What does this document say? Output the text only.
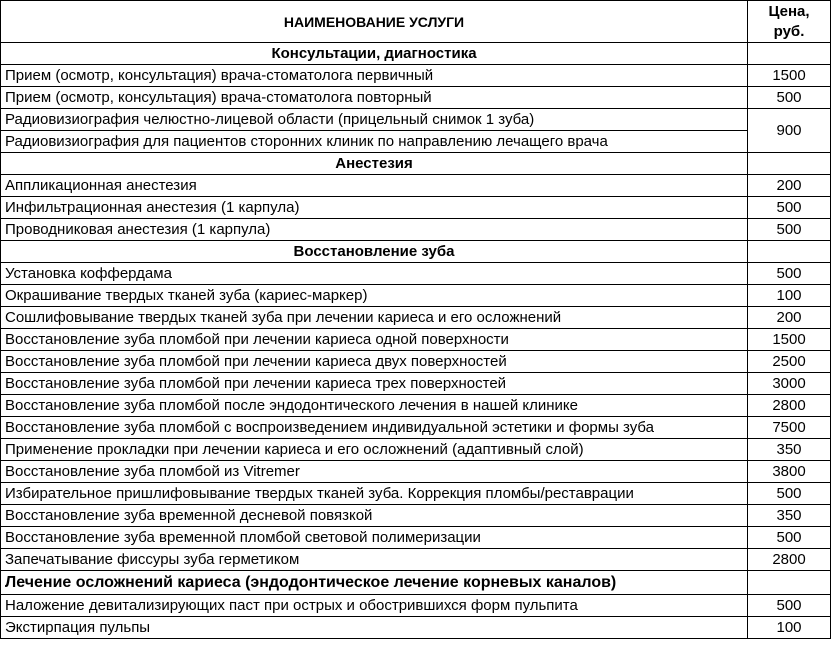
НАИМЕНОВАНИЕ УСЛУГИ	Цена, руб.
Консультации, диагностика	
Прием (осмотр, консультация) врача-стоматолога первичный	1500
Прием (осмотр, консультация) врача-стоматолога повторный	500
Радиовизиография челюстно-лицевой области (прицельный снимок 1 зуба)	900
Радиовизиография для пациентов сторонних клиник по направлению лечащего врача	
Анестезия	
Аппликационная анестезия	200
Инфильтрационная анестезия (1 карпула)	500
Проводниковая анестезия (1 карпула)	500
Восстановление зуба	
Установка коффердама	500
Окрашивание твердых тканей зуба (кариес-маркер)	100
Сошлифовывание твердых тканей зуба при лечении кариеса и его осложнений	200
Восстановление зуба пломбой при лечении кариеса одной поверхности	1500
Восстановление зуба пломбой при лечении кариеса двух поверхностей	2500
Восстановление зуба пломбой при лечении кариеса трех поверхностей	3000
Восстановление зуба пломбой после эндодонтического лечения в нашей клинике	2800
Восстановление зуба пломбой с воспроизведением индивидуальной эстетики и формы зуба	7500
Применение прокладки при лечении кариеса и его осложнений (адаптивный слой)	350
Восстановление зуба пломбой из Vitremer	3800
Избирательное пришлифовывание твердых тканей зуба. Коррекция пломбы/реставрации	500
Восстановление зуба временной десневой повязкой	350
Восстановление зуба временной пломбой световой полимеризации	500
Запечатывание фиссуры зуба герметиком	2800
Лечение осложнений кариеса (эндодонтическое лечение корневых каналов)	
Наложение девитализирующих паст при острых и обострившихся форм пульпита	500
Экстирпация пульпы	100
